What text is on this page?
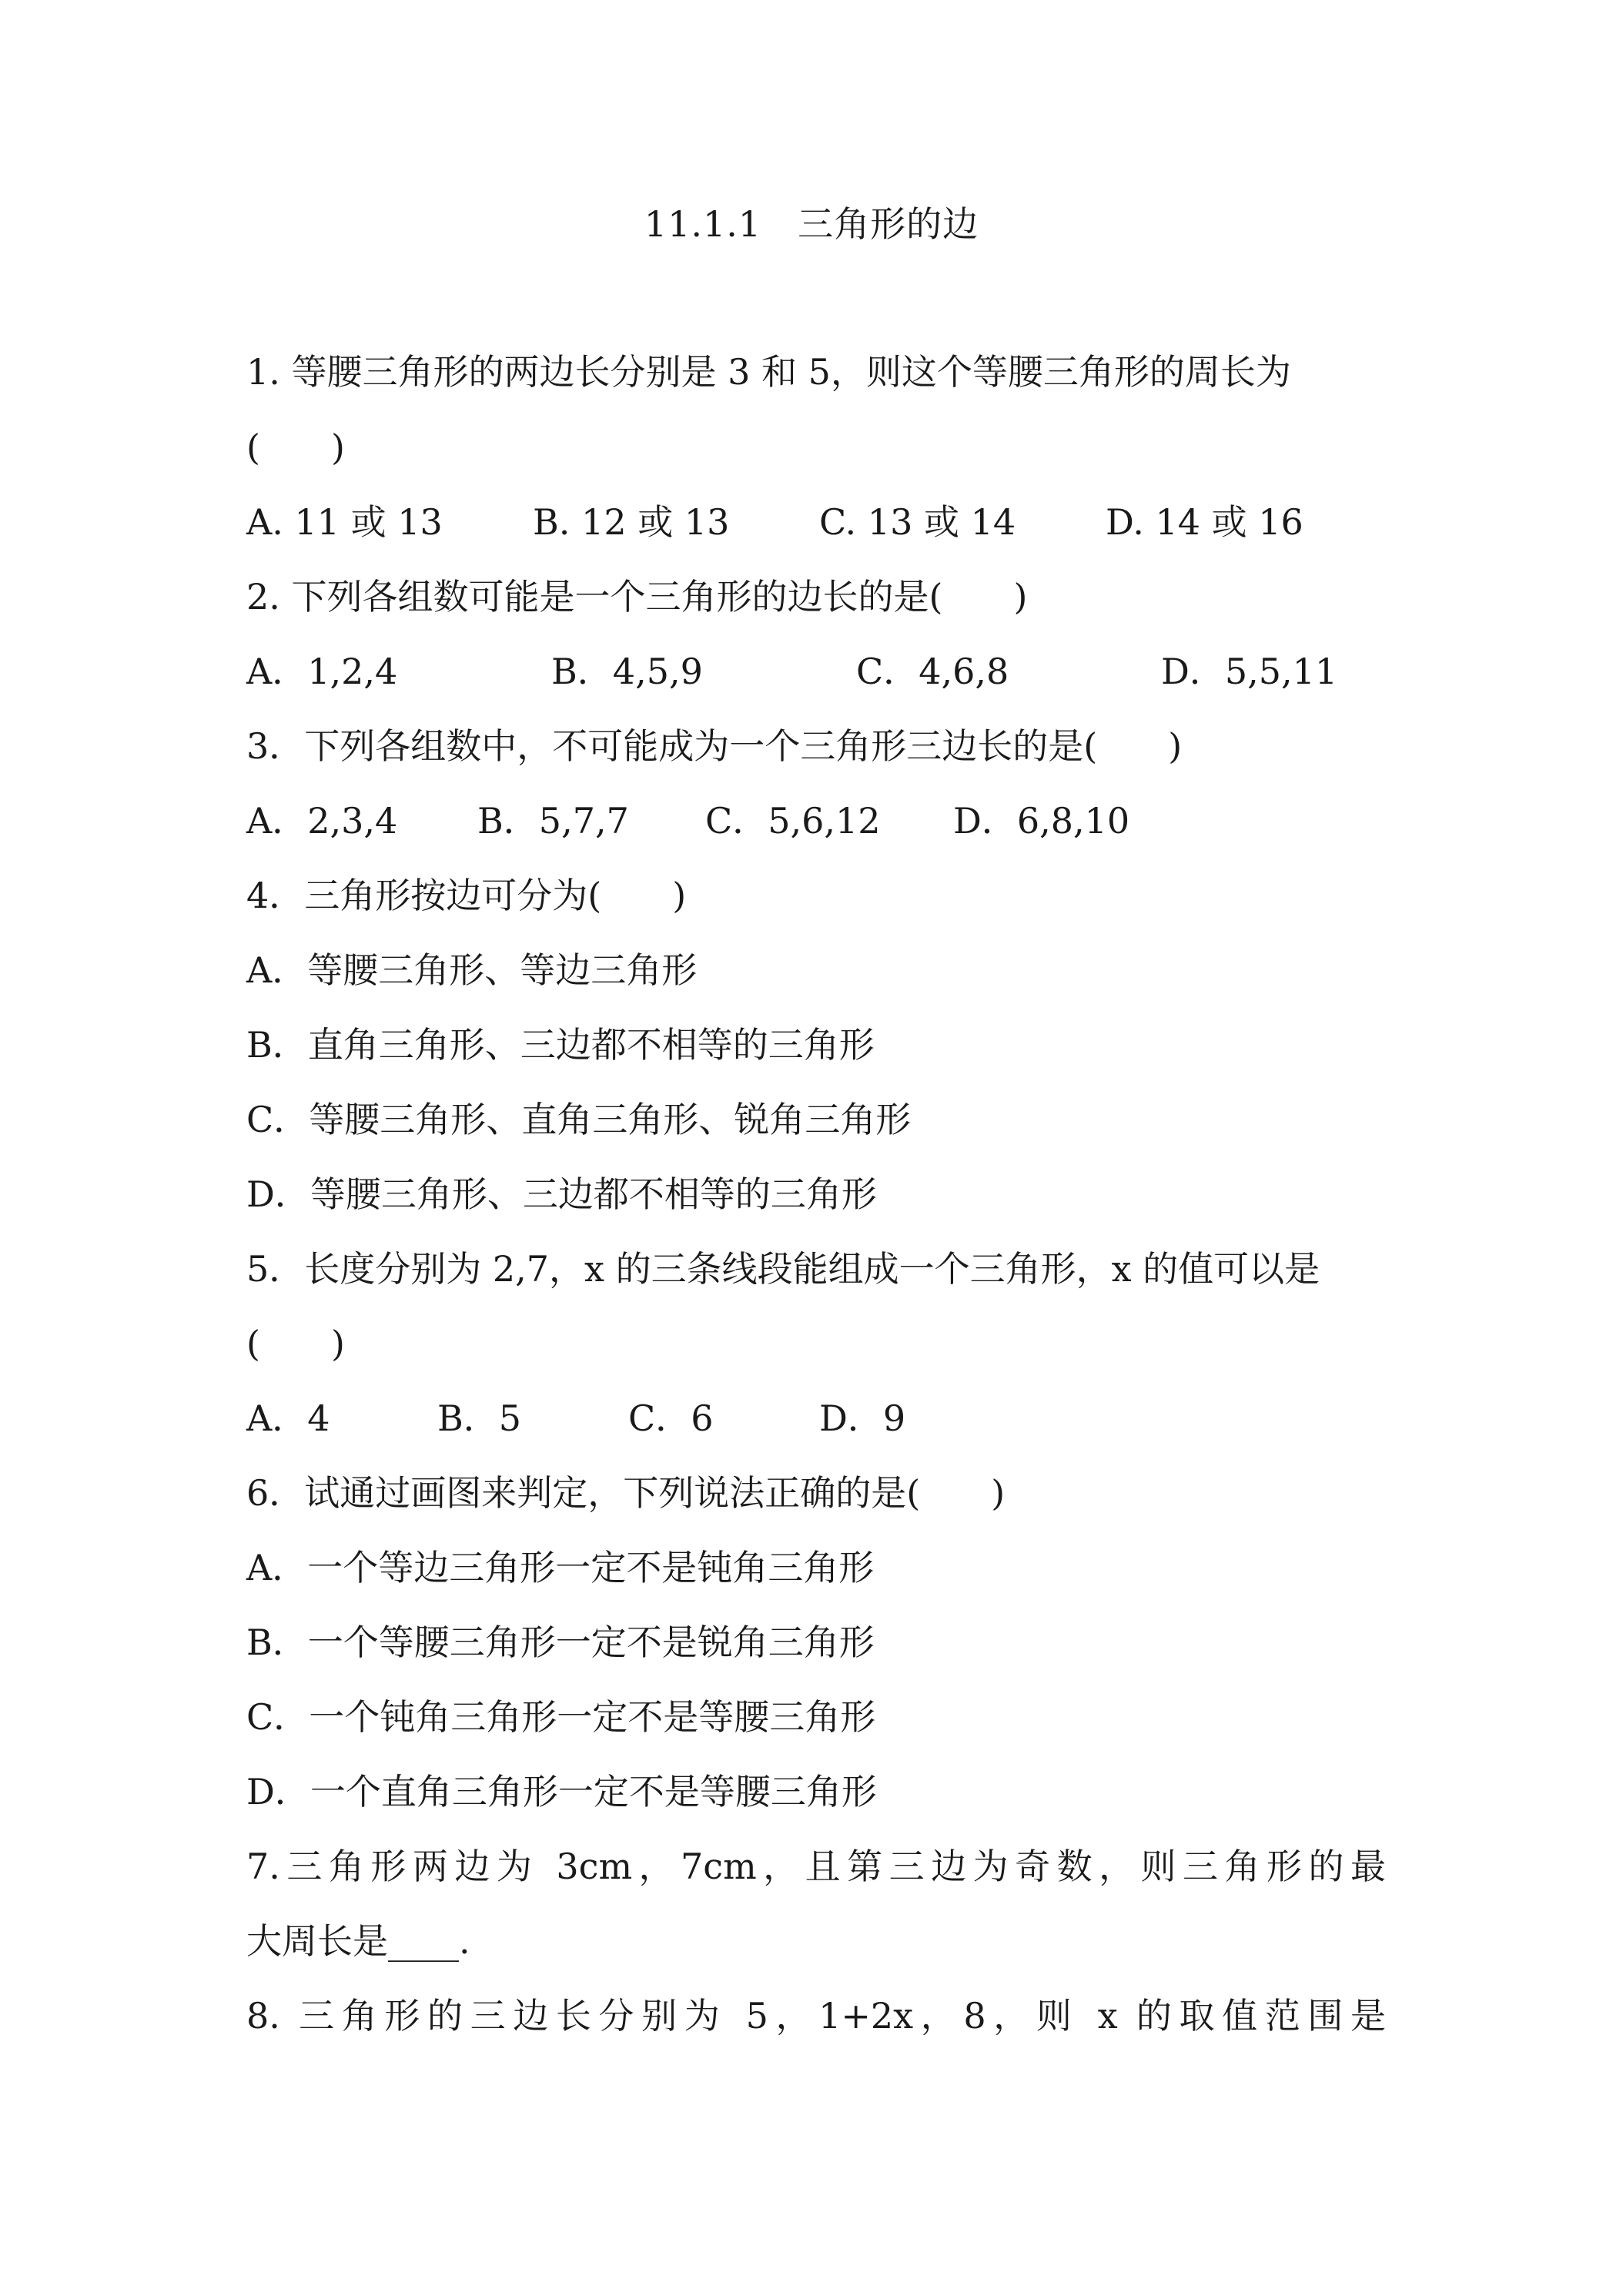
11.1.1　三角形的边
1. 等腰三角形的两边长分别是 3 和 5，则这个等腰三角形的周长为
(　　)

A. 11 或 13

	B. 12 或 13

	C. 13 或 14

	D. 14 或 16

2. 下列各组数可能是一个三角形的边长的是(　　)

A．1,2,4

	B．4,5,9

	C．4,6,8

	D．5,5,11

3．下列各组数中，不可能成为一个三角形三边长的是(　　)

A．2,3,4

B．5,7,7

C．5,6,12

D．6,8,10

4．三角形按边可分为(　　)
A．等腰三角形、等边三角形
B．直角三角形、三边都不相等的三角形
C．等腰三角形、直角三角形、锐角三角形
D．等腰三角形、三边都不相等的三角形
5．长度分别为 2,7，x 的三条线段能组成一个三角形，x 的值可以是
(　　)

A．4

	B．5

	C．6

	D．9

6．试通过画图来判定，下列说法正确的是(　　)
A．一个等边三角形一定不是钝角三角形
B．一个等腰三角形一定不是锐角三角形
C．一个钝角三角形一定不是等腰三角形
D．一个直角三角形一定不是等腰三角形
7.三角形两边为 3cm，7cm，且第三边为奇数，则三角形的最
大周长是____.
8. 三角形的三边长分别为 5，1+2x，8，则 x 的取值范围是
